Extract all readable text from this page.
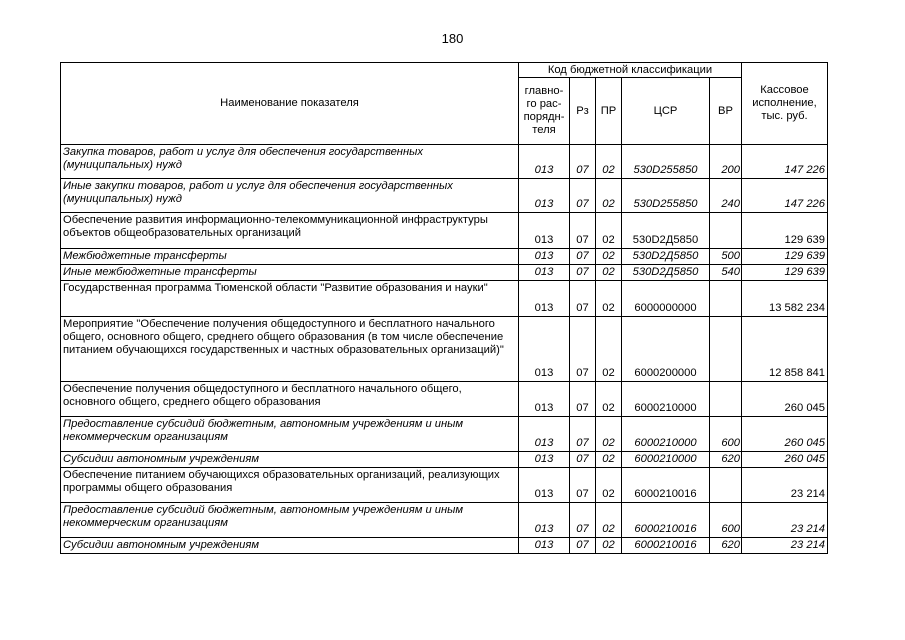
180
Наименование показателя	Код бюджетной классификации					Кассовое исполнение, тыс. руб.
	главно-го рас-порядн-теля	Рз	ПР	ЦСР	ВР	
Закупка товаров, работ и услуг для обеспечения государственных (муниципальных) нужд	013	07	02	530D255850	200	147 226
Иные закупки товаров, работ и услуг для обеспечения государственных (муниципальных) нужд	013	07	02	530D255850	240	147 226
Обеспечение развития информационно-телекоммуникационной инфраструктуры объектов общеобразовательных организаций	013	07	02	530D2Д5850		129 639
Межбюджетные трансферты	013	07	02	530D2Д5850	500	129 639
Иные межбюджетные трансферты	013	07	02	530D2Д5850	540	129 639
Государственная программа Тюменской области "Развитие образования и науки"	013	07	02	6000000000		13 582 234
Мероприятие "Обеспечение получения общедоступного и бесплатного начального общего, основного общего, среднего общего образования (в том числе обеспечение питанием обучающихся государственных и частных образовательных организаций)"	013	07	02	6000200000		12 858 841
Обеспечение получения общедоступного и бесплатного начального общего, основного общего, среднего общего образования	013	07	02	6000210000		260 045
Предоставление субсидий бюджетным, автономным учреждениям и иным некоммерческим организациям	013	07	02	6000210000	600	260 045
Субсидии автономным учреждениям	013	07	02	6000210000	620	260 045
Обеспечение питанием обучающихся образовательных организаций, реализующих программы общего образования	013	07	02	6000210016		23 214
Предоставление субсидий бюджетным, автономным учреждениям и иным некоммерческим организациям	013	07	02	6000210016	600	23 214
Субсидии автономным учреждениям	013	07	02	6000210016	620	23 214
